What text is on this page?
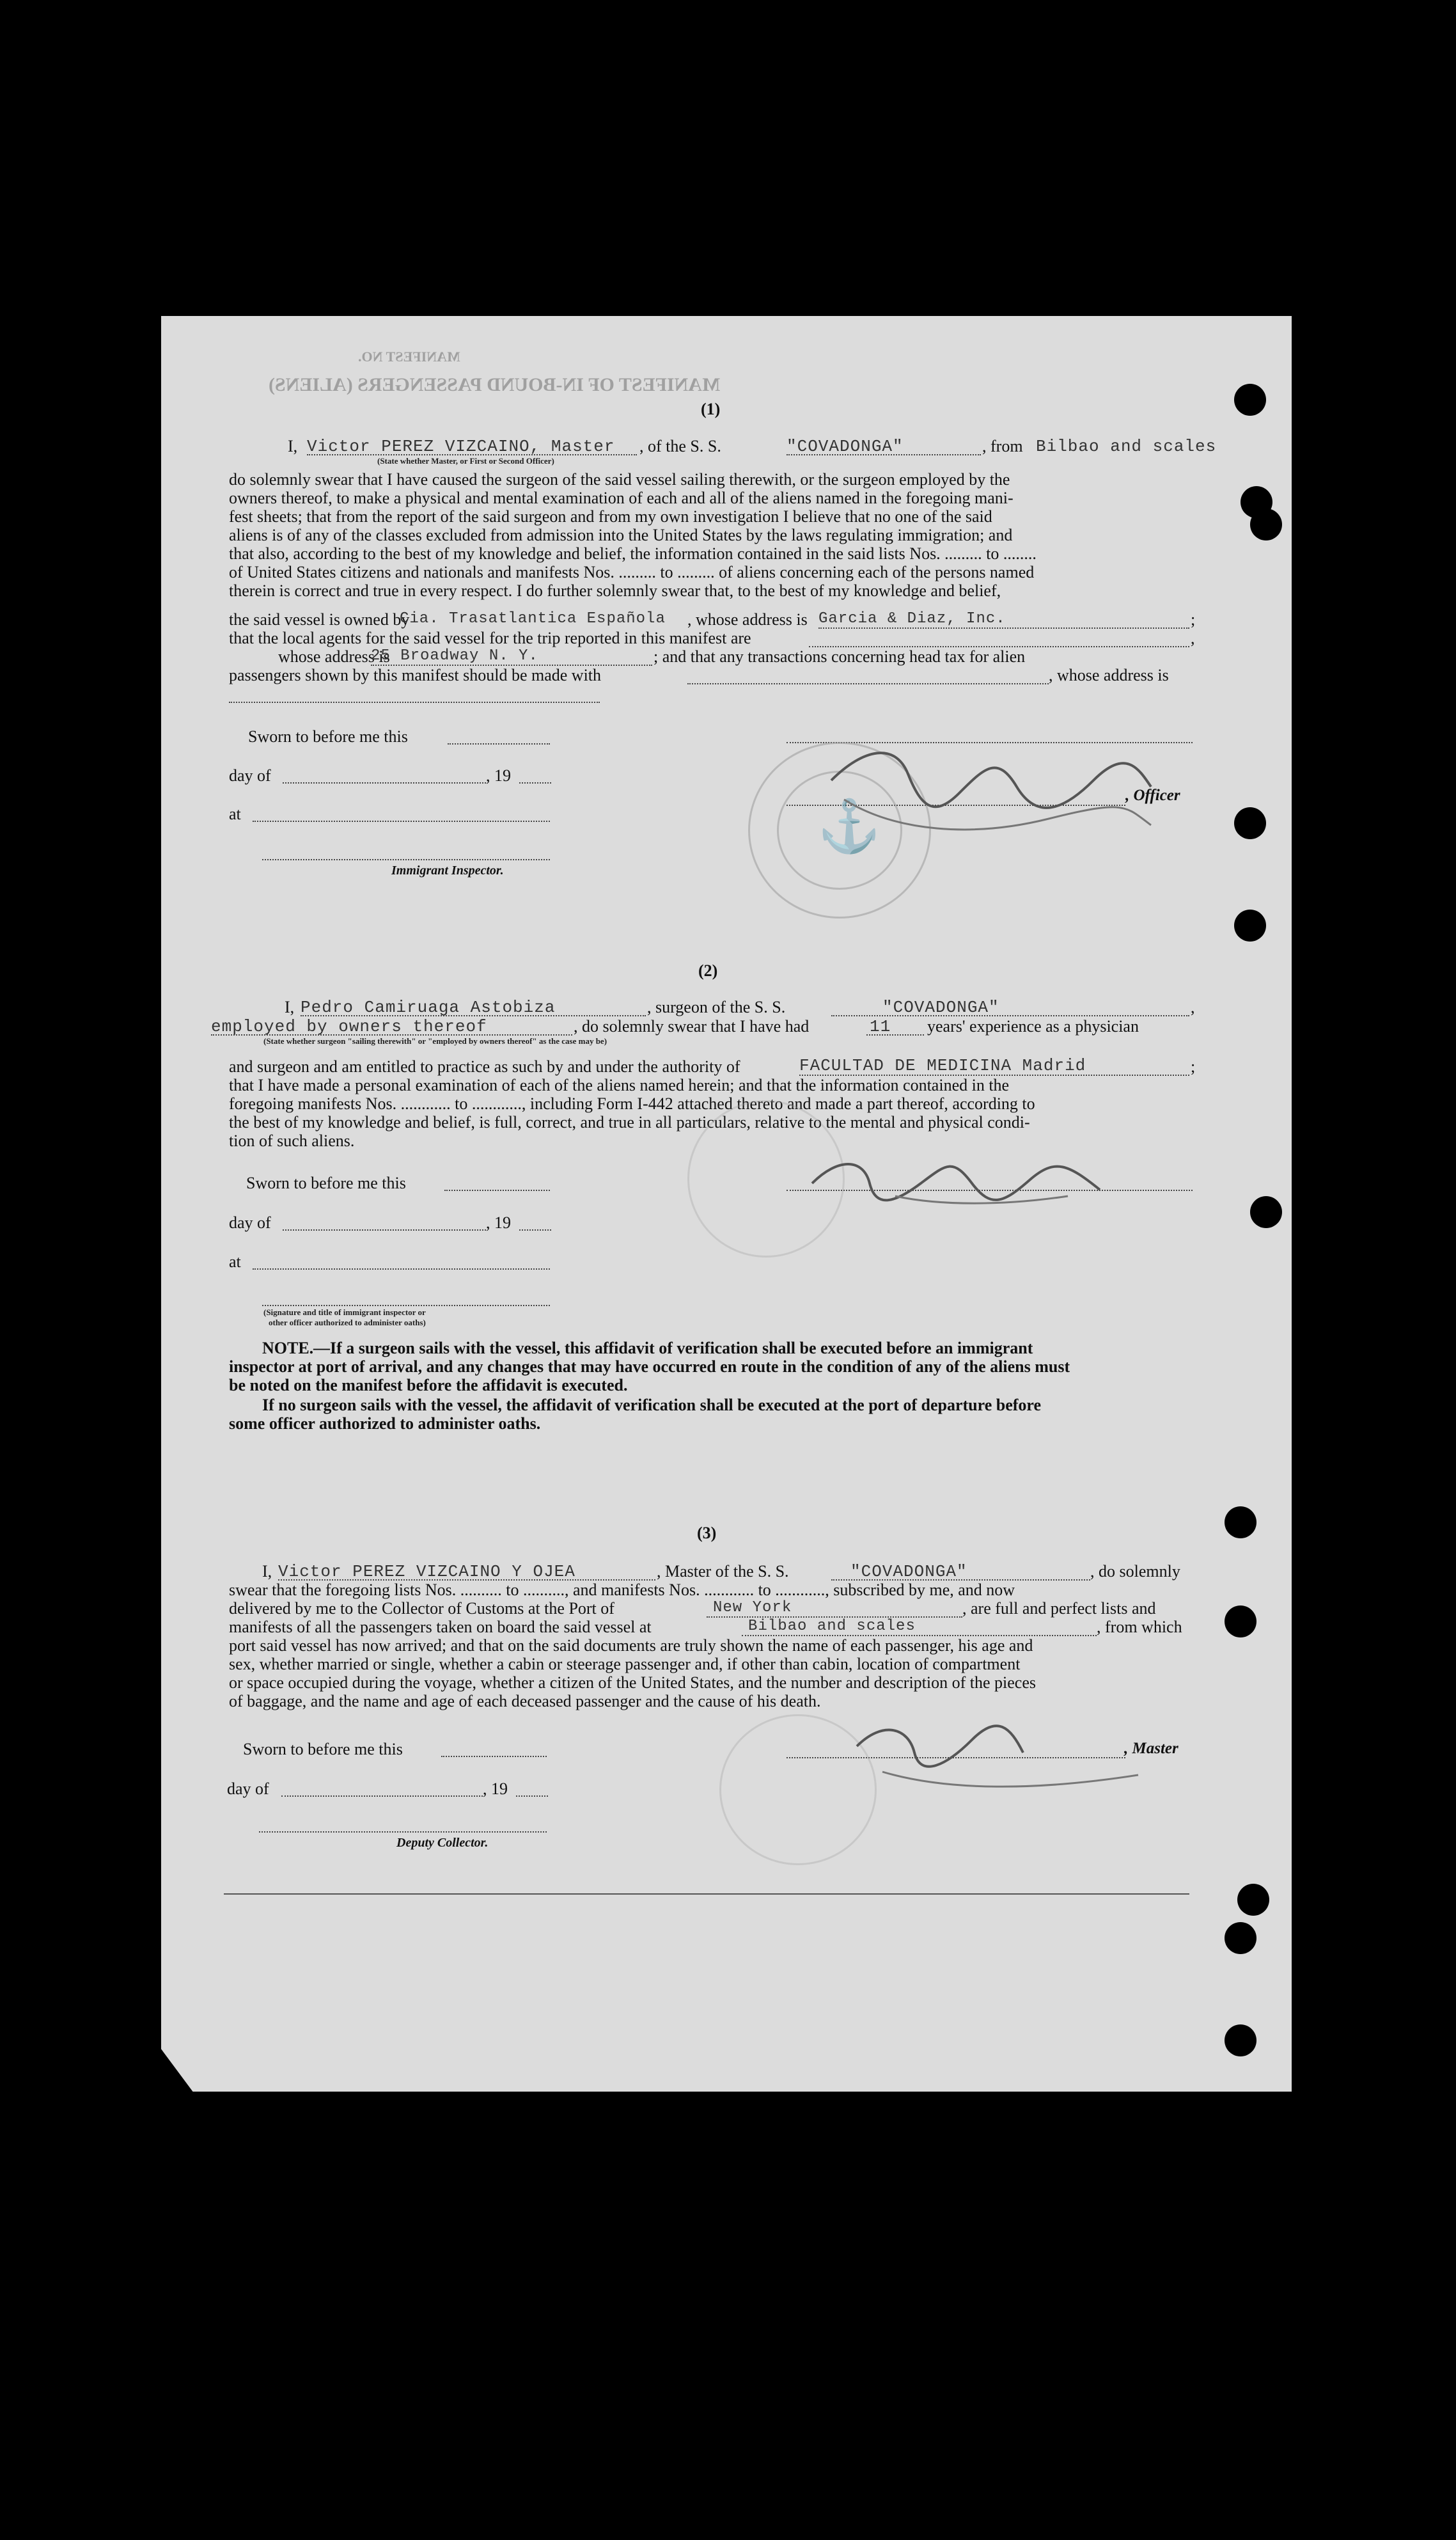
MANIFEST OF IN-BOUND PASSENGERS (ALIENS)
MANIFEST NO.
(1)
I, Victor PEREZ VIZCAINO, Master
(State whether Master, or First or Second Officer)
, of the S. S.	"COVADONGA"	, from Bilbao and scales
do solemnly swear that I have caused the surgeon of the said vessel sailing therewith, or the surgeon employed by the
owners thereof, to make a physical and mental examination of each and all of the aliens named in the foregoing mani-
fest sheets; that from the report of the said surgeon and from my own investigation I believe that no one of the said
aliens is of any of the classes excluded from admission into the United States by the laws regulating immigration; and
that also, according to the best of my knowledge and belief, the information contained in the said lists Nos. ......... to ........
of United States citizens and nationals and manifests Nos. ......... to ......... of aliens concerning each of the persons named
therein is correct and true in every respect. I do further solemnly swear that, to the best of my knowledge and belief,
the said vessel is owned by
Cia. Trasatlantica Española , whose address is Garcia & Diaz, Inc.	;
that the local agents for the said vessel for the trip reported in this manifest are	,
whose address is
25 Broadway N. Y.	; and that any transactions concerning head tax for alien
passengers shown by this manifest should be made with	, whose address is
Sworn to before me this
day of	, 19
at
Immigrant Inspector.
, Officer
⚓
(2)
I, Pedro Camiruaga Astobiza	, surgeon of the S. S.	"COVADONGA"	,
employed by owners thereof	, do solemnly swear that I have had	11 years' experience as a physician
(State whether surgeon "sailing therewith" or "employed by owners thereof" as the case may be)
and surgeon and am entitled to practice as such by and under the authority of	FACULTAD DE MEDICINA Madrid	;
that I have made a personal examination of each of the aliens named herein; and that the information contained in the
foregoing manifests Nos. ............ to ............, including Form I-442 attached thereto and made a part thereof, according to
the best of my knowledge and belief, is full, correct, and true in all particulars, relative to the mental and physical condi-
tion of such aliens.
Sworn to before me this
day of	, 19
at
(Signature and title of immigrant inspector or
other officer authorized to administer oaths)
NOTE. —If a surgeon sails with the vessel, this affidavit of verification shall be executed before an immigrant
inspector at port of arrival, and any changes that may have occurred en route in the condition of any of the aliens must
be noted on the manifest before the affidavit is executed.
If no surgeon sails with the vessel, the affidavit of verification shall be executed at the port of departure before
some officer authorized to administer oaths.
(3)
I, Victor PEREZ VIZCAINO Y OJEA	, Master of the S. S.	"COVADONGA"	, do solemnly
swear that the foregoing lists Nos. .......... to .........., and manifests Nos. ............ to ............, subscribed by me, and now
delivered by me to the Collector of Customs at the Port of	New York	, are full and perfect lists and
manifests of all the passengers taken on board the said vessel at	Bilbao and scales	, from which
port said vessel has now arrived; and that on the said documents are truly shown the name of each passenger, his age and
sex, whether married or single, whether a cabin or steerage passenger and, if other than cabin, location of compartment
or space occupied during the voyage, whether a citizen of the United States, and the number and description of the pieces
of baggage, and the name and age of each deceased passenger and the cause of his death.
Sworn to before me this
day of	, 19
Deputy Collector.
, Master
